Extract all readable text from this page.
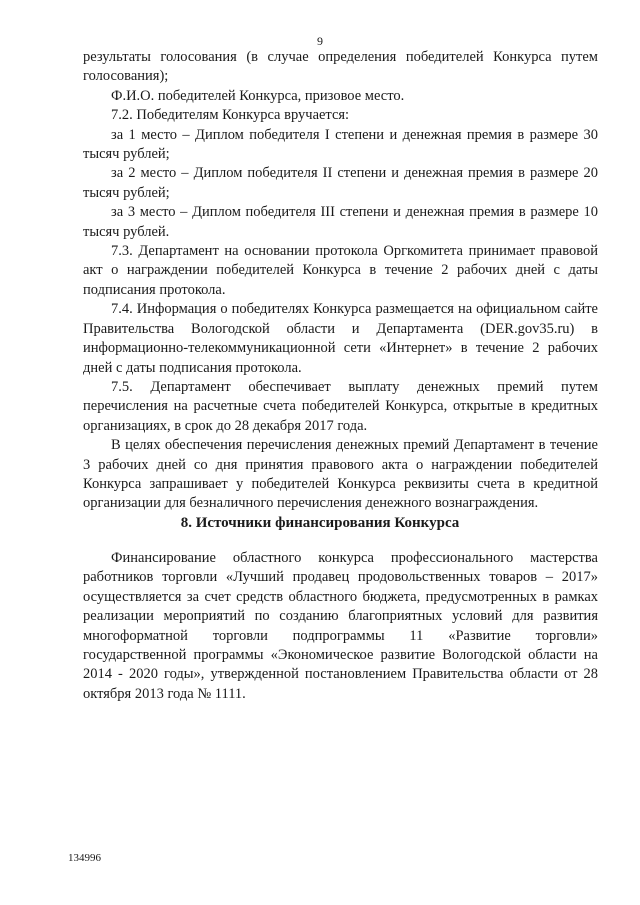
9

результаты голосования (в случае определения победителей Конкурса путем голосования);

Ф.И.О. победителей Конкурса, призовое место.

7.2. Победителям Конкурса вручается:

за 1 место – Диплом победителя I степени и денежная премия в размере 30 тысяч рублей;

за 2 место – Диплом победителя II степени и денежная премия в размере 20 тысяч рублей;

за 3 место – Диплом победителя III степени и денежная премия в размере 10 тысяч рублей.

7.3. Департамент на основании протокола Оргкомитета принимает правовой акт о награждении победителей Конкурса в течение 2 рабочих дней с даты подписания протокола.

7.4. Информация о победителях Конкурса размещается на официальном сайте Правительства Вологодской области и Департамента (DER.gov35.ru) в информационно-телекоммуникационной сети «Интернет» в течение 2 рабочих дней с даты подписания протокола.

7.5. Департамент обеспечивает выплату денежных премий путем перечисления на расчетные счета победителей Конкурса, открытые в кредитных организациях, в срок до 28 декабря 2017 года.

В целях обеспечения перечисления денежных премий Департамент в течение 3 рабочих дней со дня принятия правового акта о награждении победителей Конкурса запрашивает у победителей Конкурса реквизиты счета в кредитной организации для безналичного перечисления денежного вознаграждения.

8. Источники финансирования Конкурса

Финансирование областного конкурса профессионального мастерства работников торговли «Лучший продавец продовольственных товаров – 2017» осуществляется за счет средств областного бюджета, предусмотренных в рамках реализации мероприятий по созданию благоприятных условий для развития многоформатной торговли подпрограммы 11 «Развитие торговли» государственной программы «Экономическое развитие Вологодской области на 2014 - 2020 годы», утвержденной постановлением Правительства области от 28 октября 2013 года № 1111.

134996
